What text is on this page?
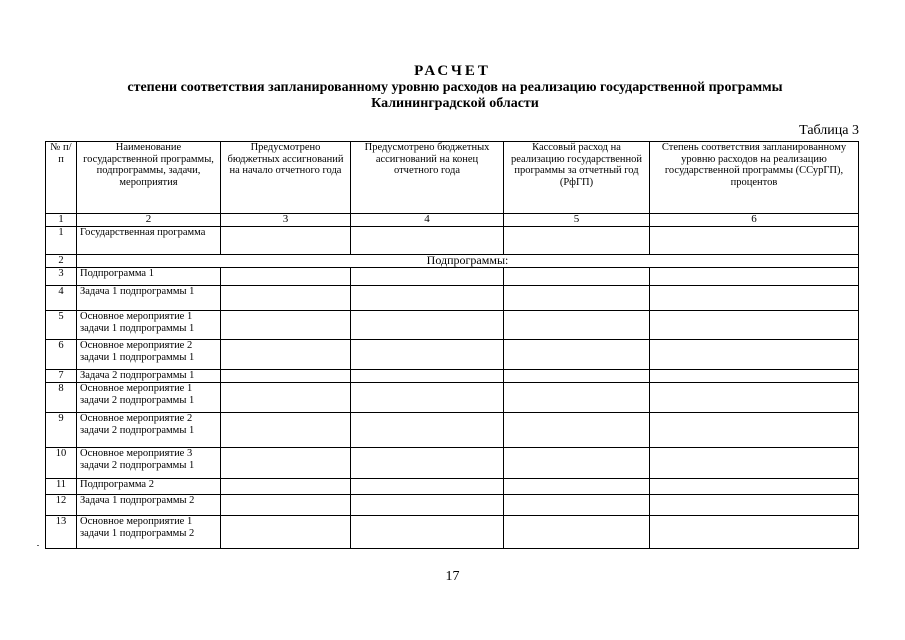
РАСЧЕТ
степени соответствия запланированному уровню расходов на реализацию государственной программы
Калининградской области
Таблица 3
№ п/п	Наименование государственной программы, подпрограммы, задачи, мероприятия	Предусмотрено бюджетных ассигнований на начало отчетного года	Предусмотрено бюджетных ассигнований на конец отчетного года	Кассовый расход на реализацию государственной программы за отчетный год (РфГП)	Степень соответствия запланированному уровню расходов на реализацию государственной программы (ССурГП), процентов
1	2	3	4	5	6
1	Государственная программа				
2	Подпрограммы:				
3	Подпрограмма 1				
4	Задача 1 подпрограммы 1				
5	Основное мероприятие 1 задачи 1 подпрограммы 1				
6	Основное мероприятие 2 задачи 1 подпрограммы 1				
7	Задача 2 подпрограммы 1				
8	Основное мероприятие 1 задачи 2 подпрограммы 1				
9	Основное мероприятие 2 задачи 2 подпрограммы 1				
10	Основное мероприятие 3 задачи 2 подпрограммы 1				
11	Подпрограмма 2				
12	Задача 1 подпрограммы 2				
13	Основное мероприятие 1 задачи 1 подпрограммы 2				
17
